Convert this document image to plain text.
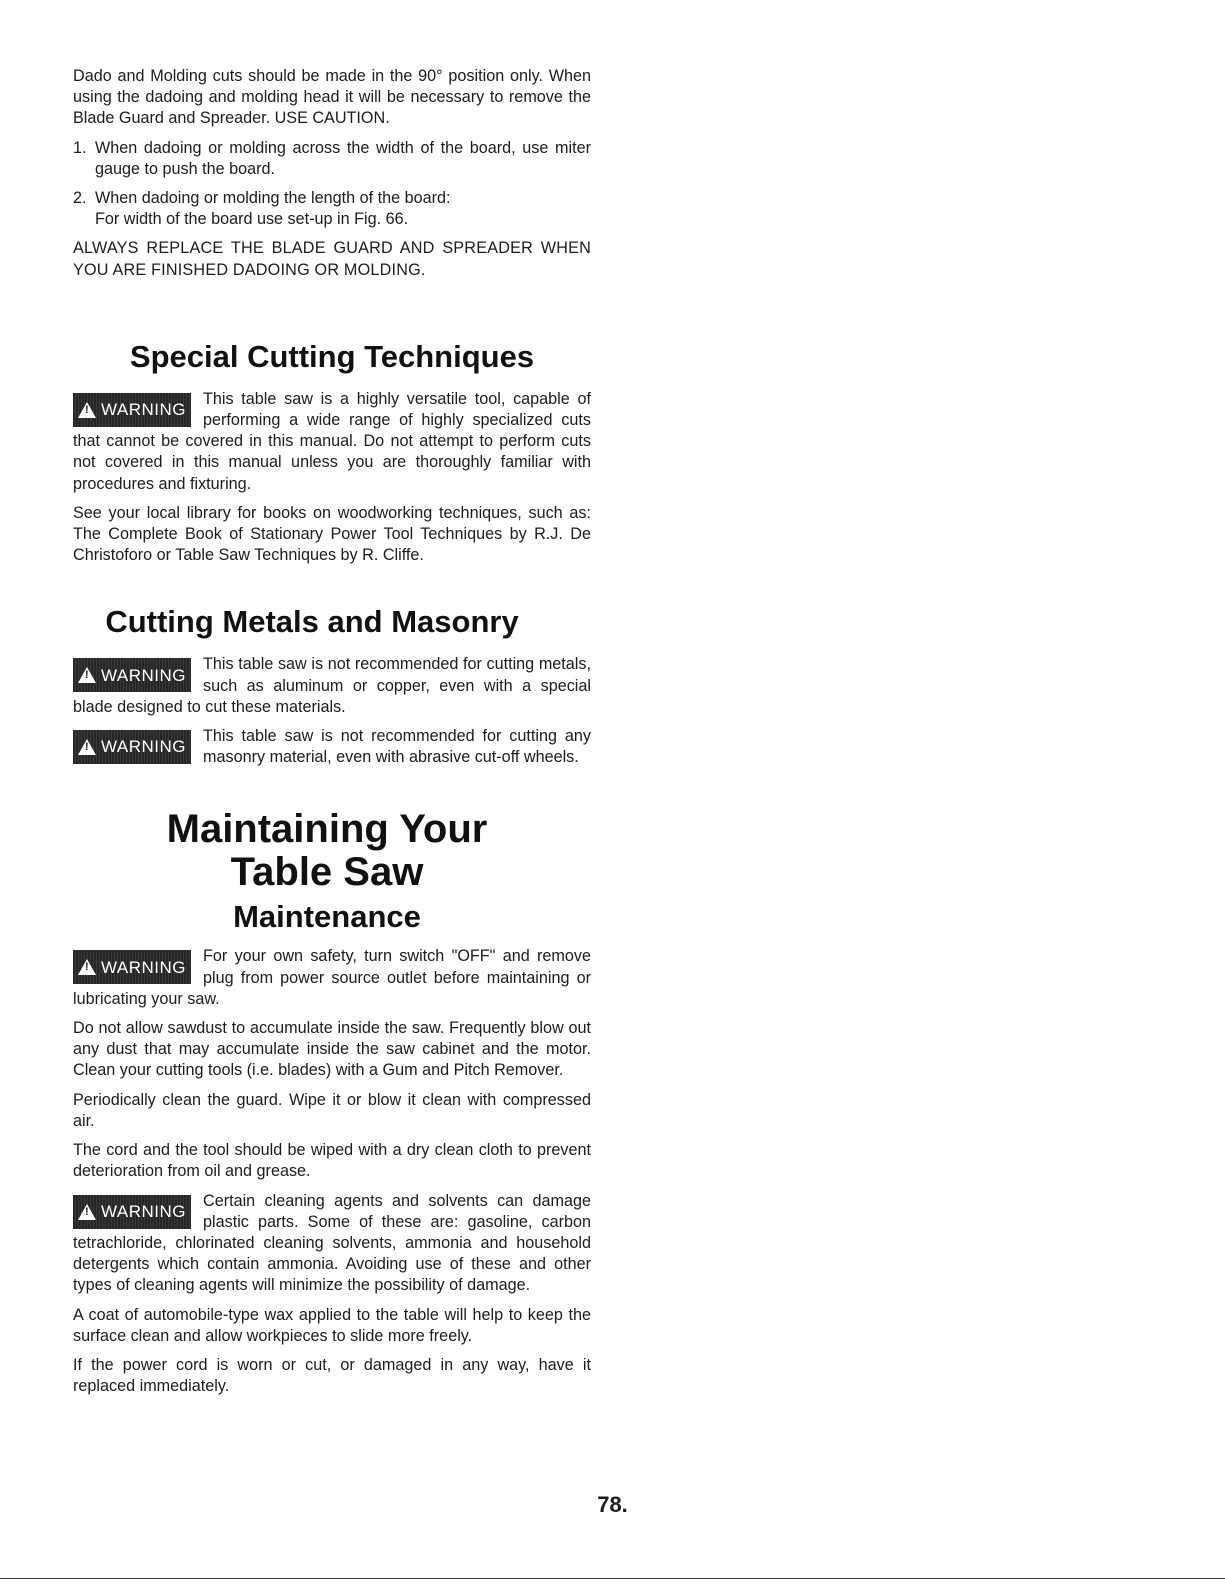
Dado and Molding cuts should be made in the 90° position only. When using the dadoing and molding head it will be necessary to remove the Blade Guard and Spreader. USE CAUTION.

1. When dadoing or molding across the width of the board, use miter gauge to push the board.
2. When dadoing or molding the length of the board:
For width of the board use set-up in Fig. 66.

ALWAYS REPLACE THE BLADE GUARD AND SPREADER WHEN YOU ARE FINISHED DADOING OR MOLDING.

Special Cutting Techniques

!
WARNING
This table saw is a highly versatile tool, capable of performing a wide range of highly specialized cuts that cannot be covered in this manual. Do not attempt to perform cuts not covered in this manual unless you are thoroughly familiar with procedures and fixturing.

See your local library for books on woodworking techniques, such as: The Complete Book of Stationary Power Tool Techniques by R.J. De Christoforo or Table Saw Techniques by R. Cliffe.

Cutting Metals and Masonry

!
WARNING
This table saw is not recommended for cutting metals, such as aluminum or copper, even with a special blade designed to cut these materials.

!
WARNING
This table saw is not recommended for cutting any masonry material, even with abrasive cut-off wheels.

Maintaining Your
Table Saw
Maintenance

!
WARNING
For your own safety, turn switch "OFF" and remove plug from power source outlet before maintaining or lubricating your saw.

Do not allow sawdust to accumulate inside the saw. Frequently blow out any dust that may accumulate inside the saw cabinet and the motor. Clean your cutting tools (i.e. blades) with a Gum and Pitch Remover.

Periodically clean the guard. Wipe it or blow it clean with compressed air.

The cord and the tool should be wiped with a dry clean cloth to prevent deterioration from oil and grease.

!
WARNING
Certain cleaning agents and solvents can damage plastic parts. Some of these are: gasoline, carbon tetrachloride, chlorinated cleaning solvents, ammonia and household detergents which contain ammonia. Avoiding use of these and other types of cleaning agents will minimize the possibility of damage.

A coat of automobile-type wax applied to the table will help to keep the surface clean and allow workpieces to slide more freely.

If the power cord is worn or cut, or damaged in any way, have it replaced immediately.

78.
